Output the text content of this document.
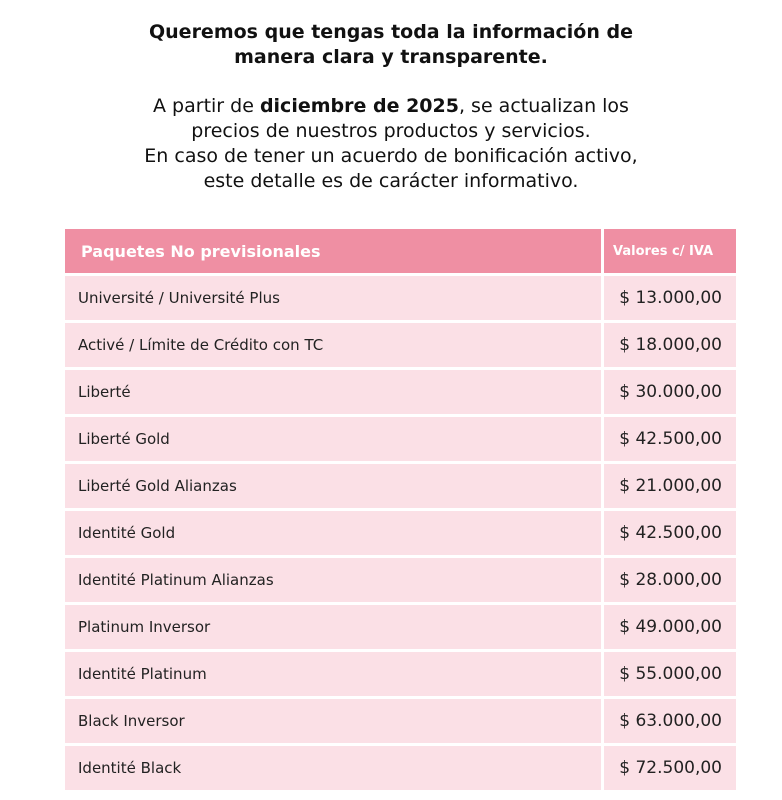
Queremos que tengas toda la información de
manera clara y transparente.
A partir de diciembre de 2025, se actualizan los
precios de nuestros productos y servicios.
En caso de tener un acuerdo de bonificación activo,
este detalle es de carácter informativo.
Paquetes No previsionales	Valores c/ IVA
Université / Université Plus	$ 13.000,00
Activé / Límite de Crédito con TC	$ 18.000,00
Liberté	$ 30.000,00
Liberté Gold	$ 42.500,00
Liberté Gold Alianzas	$ 21.000,00
Identité Gold	$ 42.500,00
Identité Platinum Alianzas	$ 28.000,00
Platinum Inversor	$ 49.000,00
Identité Platinum	$ 55.000,00
Black Inversor	$ 63.000,00
Identité Black	$ 72.500,00
